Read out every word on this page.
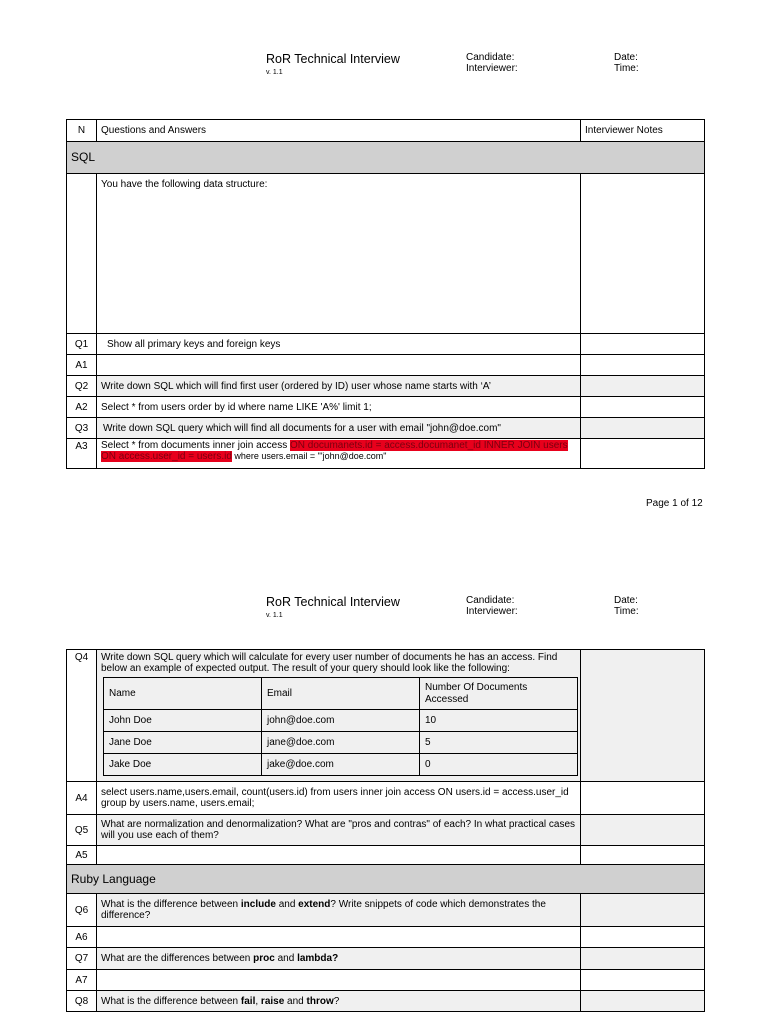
RoR Technical Interview
v. 1.1
Candidate:
Interviewer:
Date:
Time:
N	Questions and Answers	Interviewer Notes
SQL		
	You have the following data structure:	
Q1	Show all primary keys and foreign keys	
A1		
Q2	Write down SQL which will find first user (ordered by ID) user whose name starts with ‘A’	
A2	Select * from users order by id where name LIKE 'A%' limit 1;	
Q3	Write down SQL query which will find all documents for a user with email "john@doe.com"	
A3	Select * from documents inner join access ON documanets.id = access.documanet_id INNER JOIN users ON access.user_id = users.id where users.email = "'john@doe.com"	
Page 1 of 12
RoR Technical Interview
v. 1.1
Candidate:
Interviewer:
Date:
Time:
Q4	Write down SQL query which will calculate for every user number of documents he has an access. Find below an example of expected output. The result of your query should look like the following:
Name	Email	Number Of Documents Accessed
John Doe	john@doe.com	10
Jane Doe	jane@doe.com	5
Jake Doe	jake@doe.com	0

A4	select users.name,users.email, count(users.id) from users inner join access ON users.id = access.user_id group by users.name, users.email;	
Q5	What are normalization and denormalization? What are "pros and contras" of each? In what practical cases will you use each of them?	
A5		
Ruby Language
Q6	What is the difference between include and extend? Write snippets of code which demonstrates the difference?	
A6		
Q7	What are the differences between proc and lambda?	
A7		
Q8	What is the difference between fail, raise and throw?	
